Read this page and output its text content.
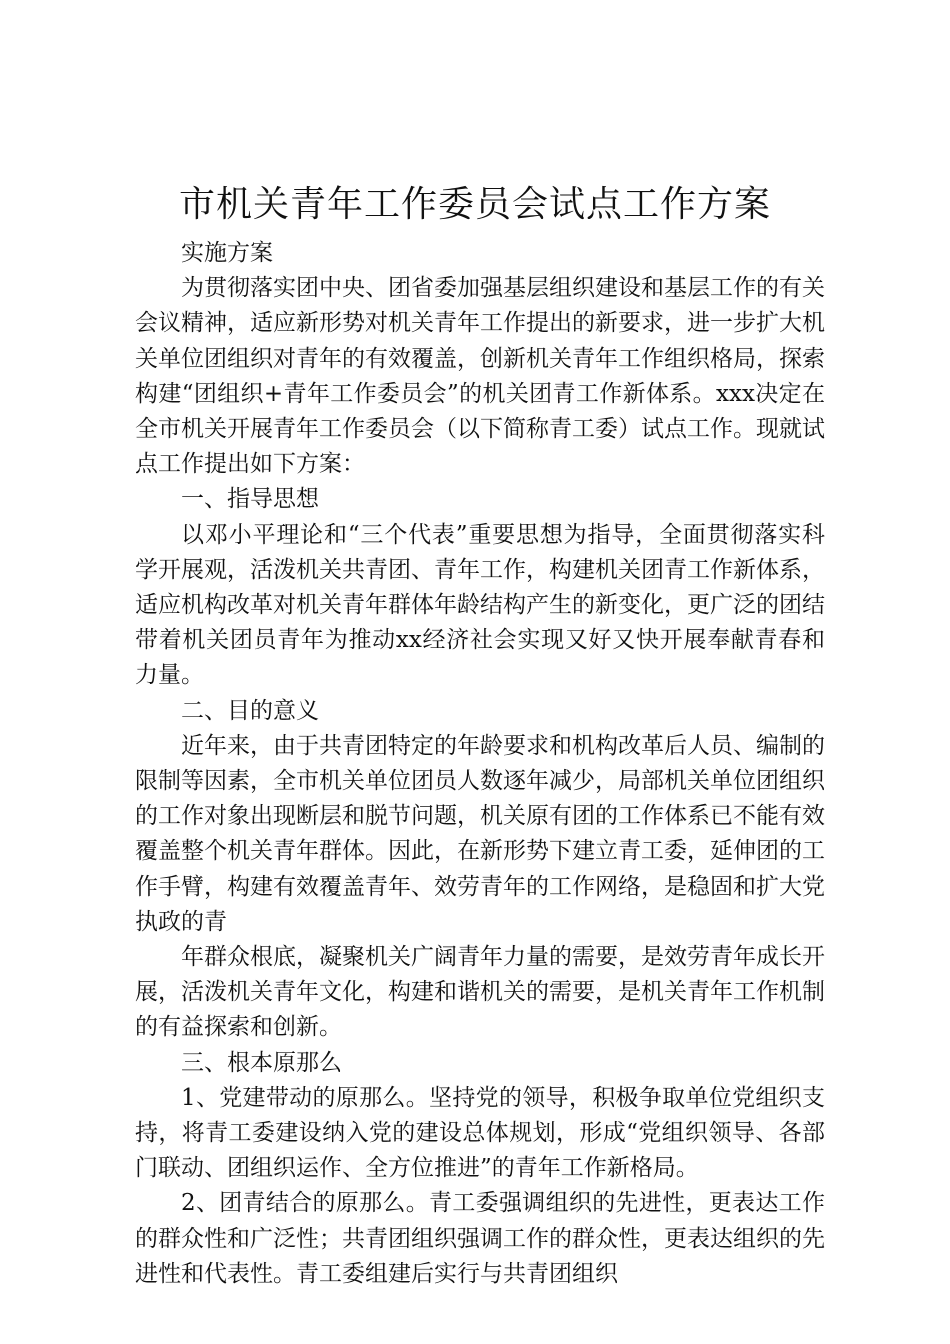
市机关青年工作委员会试点工作方案

实施方案

为贯彻落实团中央、团省委加强基层组织建设和基层工作的有关会议精神，适应新形势对机关青年工作提出的新要求，进一步扩大机关单位团组织对青年的有效覆盖，创新机关青年工作组织格局，探索构建“团组织+青年工作委员会”的机关团青工作新体系。xxx决定在全市机关开展青年工作委员会（以下简称青工委）试点工作。现就试点工作提出如下方案：

一、指导思想

以邓小平理论和“三个代表”重要思想为指导，全面贯彻落实科学开展观，活泼机关共青团、青年工作，构建机关团青工作新体系，适应机构改革对机关青年群体年龄结构产生的新变化，更广泛的团结带着机关团员青年为推动xx经济社会实现又好又快开展奉献青春和力量。

二、目的意义

近年来，由于共青团特定的年龄要求和机构改革后人员、编制的限制等因素，全市机关单位团员人数逐年减少，局部机关单位团组织的工作对象出现断层和脱节问题，机关原有团的工作体系已不能有效覆盖整个机关青年群体。因此，在新形势下建立青工委，延伸团的工作手臂，构建有效覆盖青年、效劳青年的工作网络，是稳固和扩大党执政的青

年群众根底，凝聚机关广阔青年力量的需要，是效劳青年成长开展，活泼机关青年文化，构建和谐机关的需要，是机关青年工作机制的有益探索和创新。

三、根本原那么

1、党建带动的原那么。坚持党的领导，积极争取单位党组织支持，将青工委建设纳入党的建设总体规划，形成“党组织领导、各部门联动、团组织运作、全方位推进”的青年工作新格局。

2、团青结合的原那么。青工委强调组织的先进性，更表达工作的群众性和广泛性；共青团组织强调工作的群众性，更表达组织的先进性和代表性。青工委组建后实行与共青团组织
